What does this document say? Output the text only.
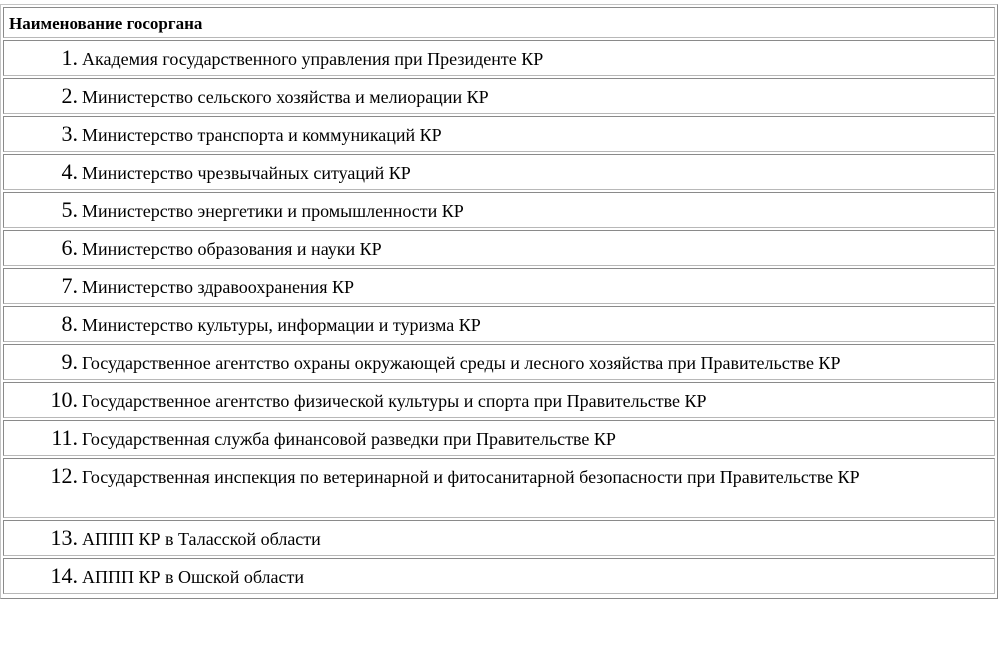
Наименование госоргана
1. Академия государственного управления при Президенте КР
2. Министерство сельского хозяйства и мелиорации КР
3. Министерство транспорта и коммуникаций КР
4. Министерство чрезвычайных ситуаций КР
5. Министерство энергетики и промышленности КР
6. Министерство образования и науки КР
7. Министерство здравоохранения КР
8. Министерство культуры, информации и туризма КР
9. Государственное агентство охраны окружающей среды и лесного хозяйства при Правительстве КР
10. Государственное агентство физической культуры и спорта при Правительстве КР
11. Государственная служба финансовой разведки при Правительстве КР
12. Государственная инспекция по ветеринарной и фитосанитарной безопасности при Правительстве КР
13. АППП КР в Таласской области
14. АППП КР в Ошской области
